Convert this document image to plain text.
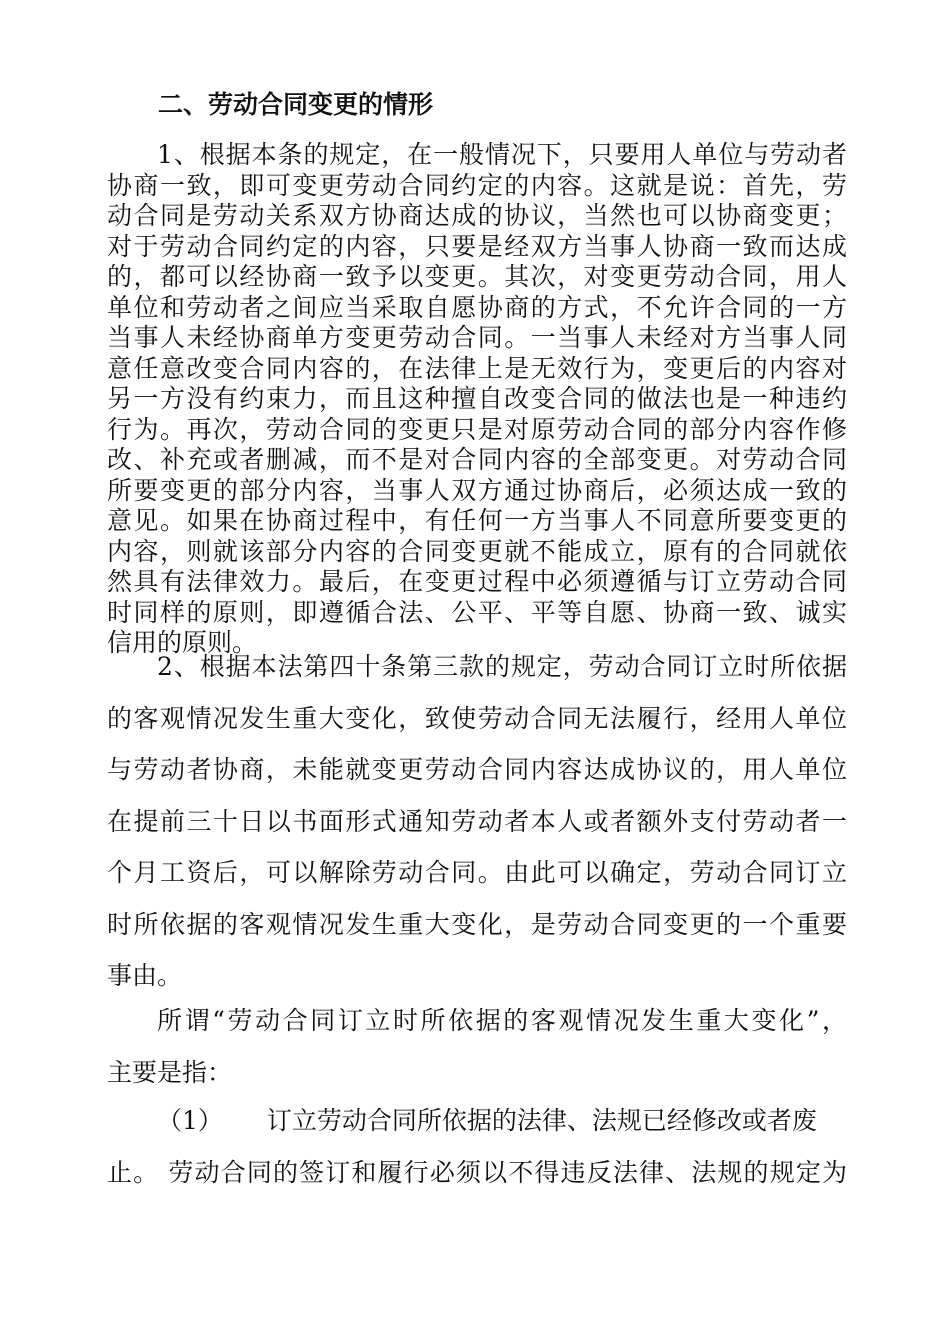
二、劳动合同变更的情形
1、根据本条的规定，在一般情况下，只要用人单位与劳动者
协商一致，即可变更劳动合同约定的内容。这就是说：首先，劳
动合同是劳动关系双方协商达成的协议，当然也可以协商变更；
对于劳动合同约定的内容，只要是经双方当事人协商一致而达成
的，都可以经协商一致予以变更。其次，对变更劳动合同，用人
单位和劳动者之间应当采取自愿协商的方式，不允许合同的一方
当事人未经协商单方变更劳动合同。一当事人未经对方当事人同
意任意改变合同内容的，在法律上是无效行为，变更后的内容对
另一方没有约束力，而且这种擅自改变合同的做法也是一种违约
行为。再次，劳动合同的变更只是对原劳动合同的部分内容作修
改、补充或者删减，而不是对合同内容的全部变更。对劳动合同
所要变更的部分内容，当事人双方通过协商后，必须达成一致的
意见。如果在协商过程中，有任何一方当事人不同意所要变更的
内容，则就该部分内容的合同变更就不能成立，原有的合同就依
然具有法律效力。最后，在变更过程中必须遵循与订立劳动合同
时同样的原则，即遵循合法、公平、平等自愿、协商一致、诚实
信用的原则。
2、根据本法第四十条第三款的规定，劳动合同订立时所依据
的客观情况发生重大变化，致使劳动合同无法履行，经用人单位
与劳动者协商，未能就变更劳动合同内容达成协议的，用人单位
在提前三十日以书面形式通知劳动者本人或者额外支付劳动者一
个月工资后，可以解除劳动合同。由此可以确定，劳动合同订立
时所依据的客观情况发生重大变化，是劳动合同变更的一个重要
事由。
所谓“劳动合同订立时所依据的客观情况发生重大变化”，
主要是指：
（1） 订立劳动合同所依据的法律、法规已经修改或者废
止。 劳动合同的签订和履行必须以不得违反法律、法规的规定为
